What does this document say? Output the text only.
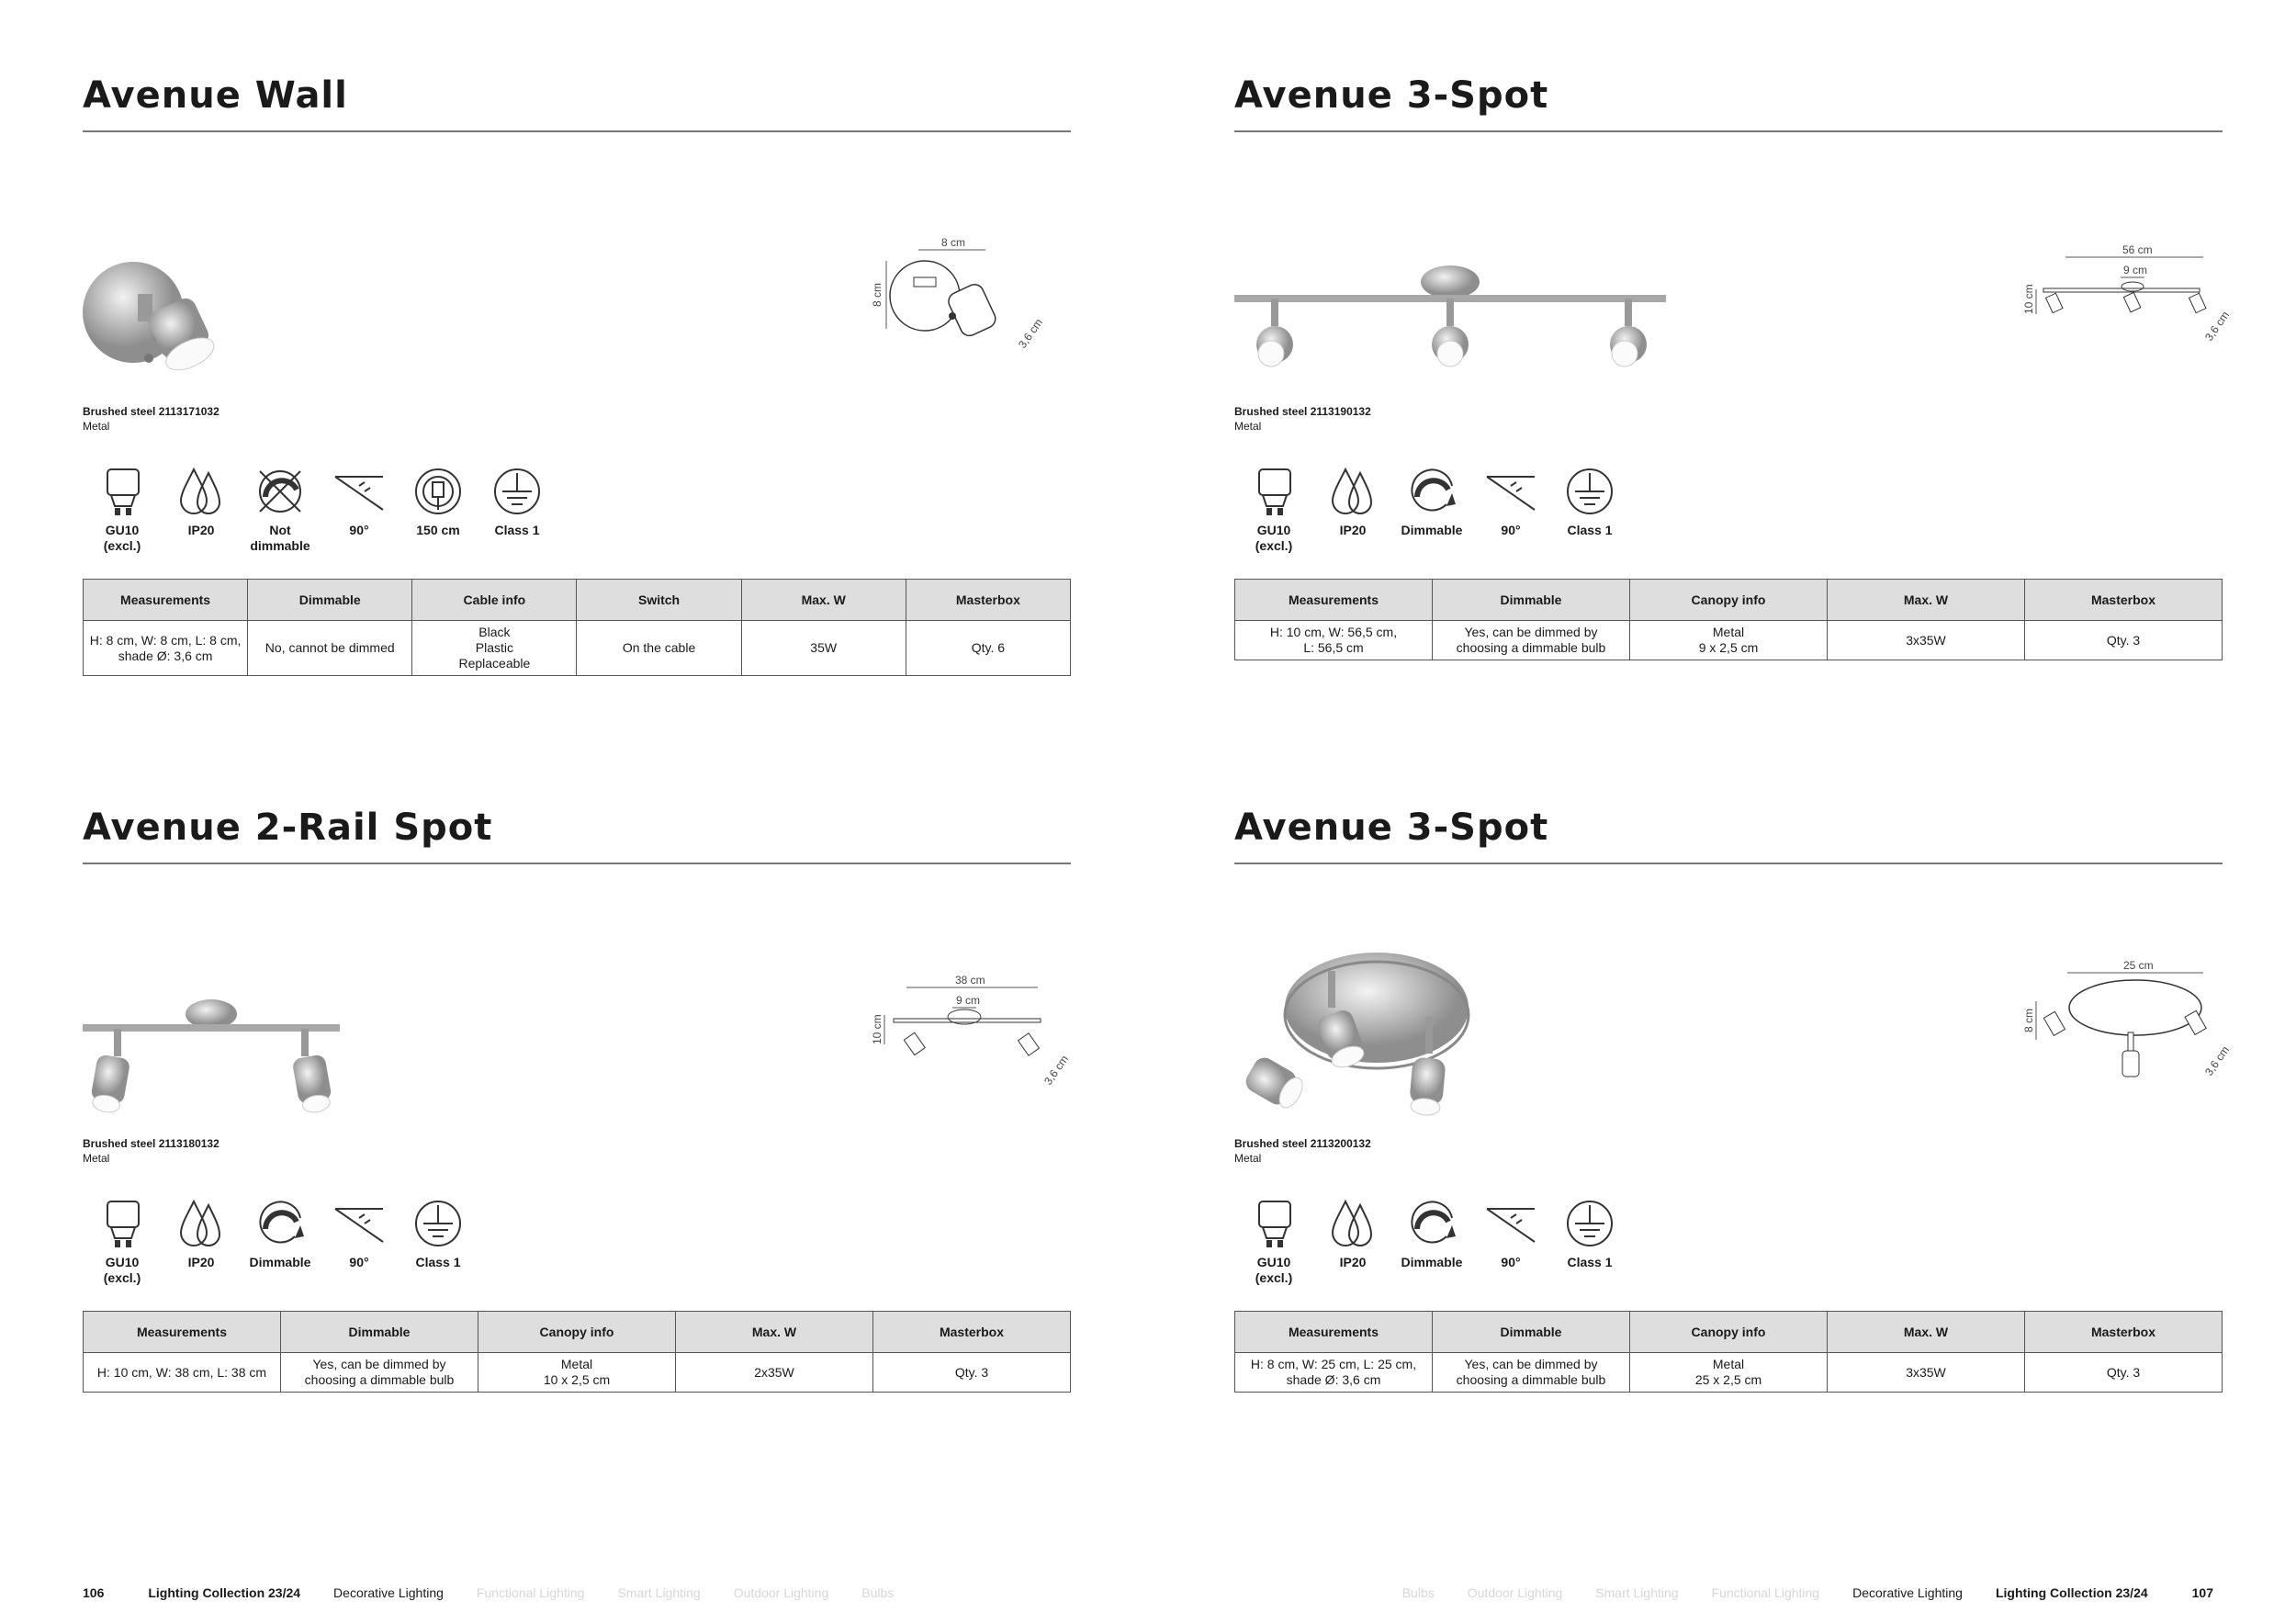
Avenue Wall
8 cm
8 cm
3,6 cm
Brushed steel 2113171032
Metal
GU10
(excl.)
IP20	Not
dimmable
90°	150 cm	Class 1
Measurements	Dimmable	Cable info	Switch	Max. W	Masterbox
H: 8 cm, W: 8 cm, L: 8 cm,
shade Ø: 3,6 cm	No, cannot be dimmed	Black
Plastic
Replaceable	On the cable	35W	Qty. 6
Avenue 3-Spot
56 cm
9 cm
10 cm
3,6 cm
Brushed steel 2113190132
Metal
GU10
(excl.)
IP20	Dimmable	90°	Class 1
Measurements	Dimmable	Canopy info	Max. W	Masterbox
H: 10 cm, W: 56,5 cm,
L: 56,5 cm	Yes, can be dimmed by
choosing a dimmable bulb	Metal
9 x 2,5 cm	3x35W	Qty. 3
Avenue 2-Rail Spot
38 cm
9 cm
10 cm
3,6 cm
Brushed steel 2113180132
Metal
GU10
(excl.)
IP20	Dimmable	90°	Class 1
Measurements	Dimmable	Canopy info	Max. W	Masterbox
H: 10 cm, W: 38 cm, L: 38 cm	Yes, can be dimmed by
choosing a dimmable bulb	Metal
10 x 2,5 cm	2x35W	Qty. 3
Avenue 3-Spot
25 cm
8 cm
3,6 cm
Brushed steel 2113200132
Metal
GU10
(excl.)
IP20	Dimmable	90°	Class 1
Measurements	Dimmable	Canopy info	Max. W	Masterbox
H: 8 cm, W: 25 cm, L: 25 cm,
shade Ø: 3,6 cm	Yes, can be dimmed by
choosing a dimmable bulb	Metal
25 x 2,5 cm	3x35W	Qty. 3
106	Lighting Collection 23/24	Decorative Lighting	Functional Lighting	Smart Lighting	Outdoor Lighting	Bulbs	Bulbs	Outdoor Lighting	Smart Lighting	Functional Lighting	Decorative Lighting	Lighting Collection 23/24	107
